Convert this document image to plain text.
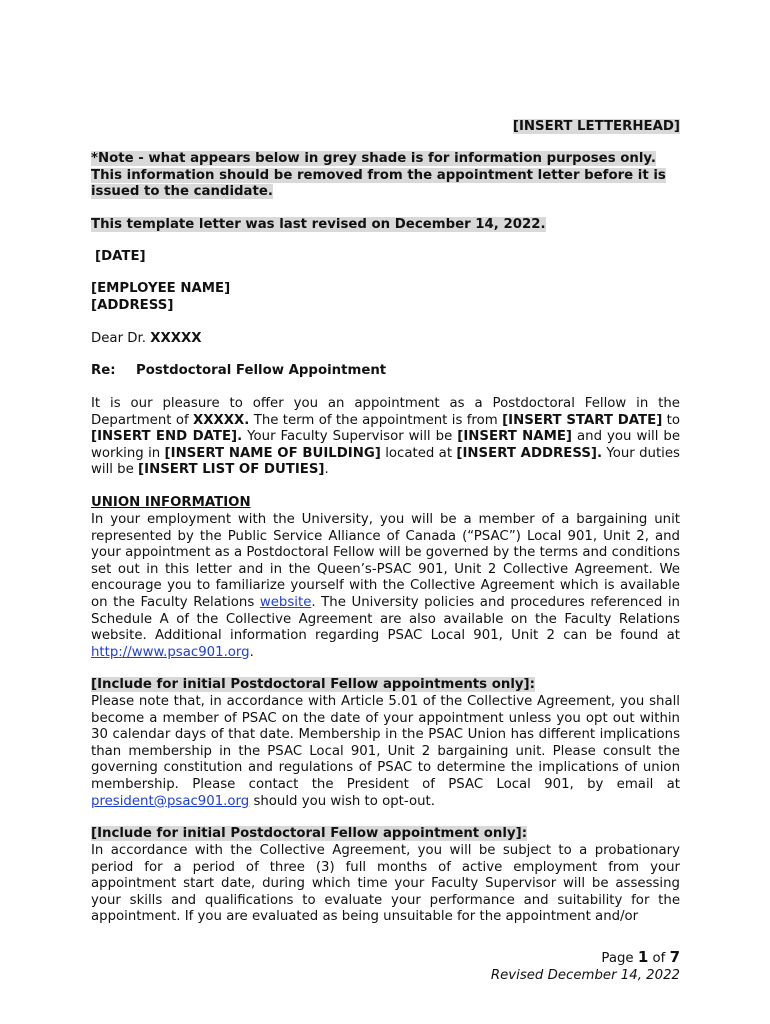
[INSERT LETTERHEAD]
*Note - what appears below in grey shade is for information purposes only. This information should be removed from the appointment letter before it is issued to the candidate.
This template letter was last revised on December 14, 2022.
[DATE]
[EMPLOYEE NAME]
[ADDRESS]
Dear Dr. XXXXX
Re: Postdoctoral Fellow Appointment
It is our pleasure to offer you an appointment as a Postdoctoral Fellow in the Department of XXXXX. The term of the appointment is from [INSERT START DATE] to [INSERT END DATE]. Your Faculty Supervisor will be [INSERT NAME] and you will be working in [INSERT NAME OF BUILDING] located at [INSERT ADDRESS]. Your duties will be [INSERT LIST OF DUTIES].
UNION INFORMATION
In your employment with the University, you will be a member of a bargaining unit represented by the Public Service Alliance of Canada (“PSAC”) Local 901, Unit 2, and your appointment as a Postdoctoral Fellow will be governed by the terms and conditions set out in this letter and in the Queen’s-PSAC 901, Unit 2 Collective Agreement. We encourage you to familiarize yourself with the Collective Agreement which is available on the Faculty Relations website. The University policies and procedures referenced in Schedule A of the Collective Agreement are also available on the Faculty Relations website. Additional information regarding PSAC Local 901, Unit 2 can be found at http://www.psac901.org.
[Include for initial Postdoctoral Fellow appointments only]:
Please note that, in accordance with Article 5.01 of the Collective Agreement, you shall become a member of PSAC on the date of your appointment unless you opt out within 30 calendar days of that date. Membership in the PSAC Union has different implications than membership in the PSAC Local 901, Unit 2 bargaining unit. Please consult the governing constitution and regulations of PSAC to determine the implications of union membership. Please contact the President of PSAC Local 901, by email at president@psac901.org should you wish to opt-out.
[Include for initial Postdoctoral Fellow appointment only]:
In accordance with the Collective Agreement, you will be subject to a probationary period for a period of three (3) full months of active employment from your appointment start date, during which time your Faculty Supervisor will be assessing your skills and qualifications to evaluate your performance and suitability for the appointment. If you are evaluated as being unsuitable for the appointment and/or
Page 1 of 7
Revised December 14, 2022
